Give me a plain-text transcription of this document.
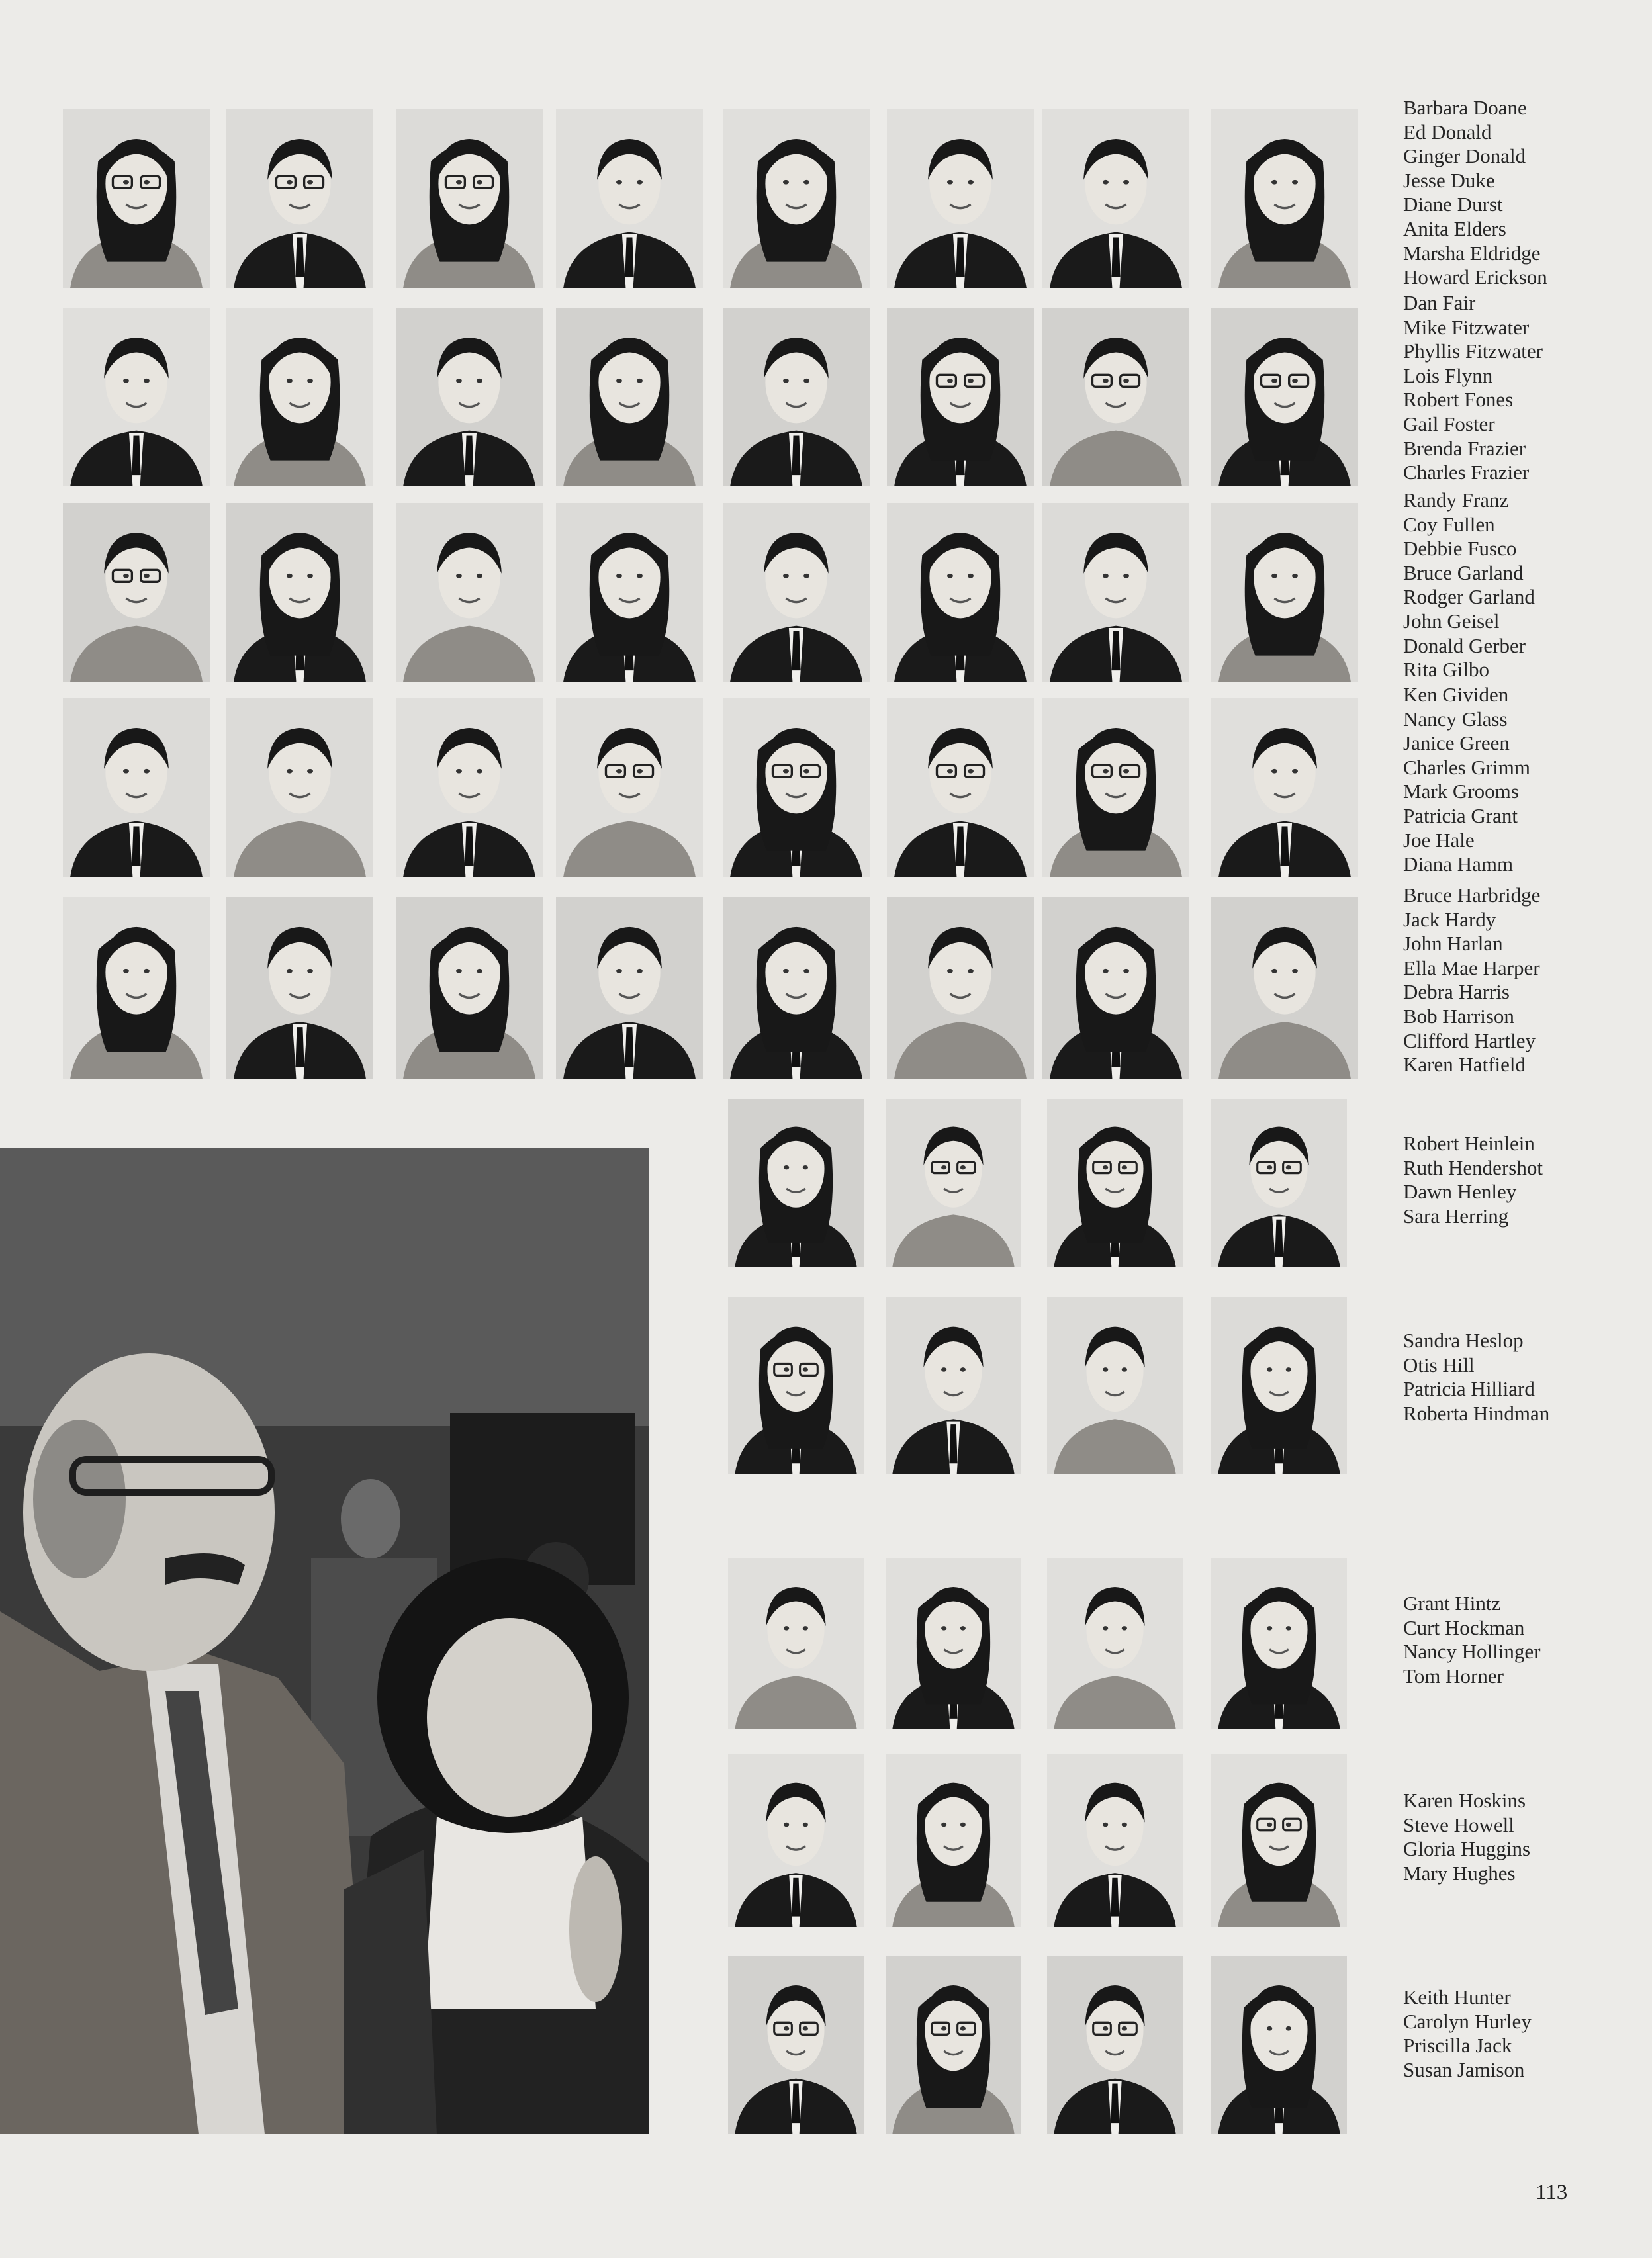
Barbara Doane
Ed Donald
Ginger Donald
Jesse Duke
Diane Durst
Anita Elders
Marsha Eldridge
Howard Erickson
Dan Fair
Mike Fitzwater
Phyllis Fitzwater
Lois Flynn
Robert Fones
Gail Foster
Brenda Frazier
Charles Frazier
Randy Franz
Coy Fullen
Debbie Fusco
Bruce Garland
Rodger Garland
John Geisel
Donald Gerber
Rita Gilbo
Ken Gividen
Nancy Glass
Janice Green
Charles Grimm
Mark Grooms
Patricia Grant
Joe Hale
Diana Hamm
Bruce Harbridge
Jack Hardy
John Harlan
Ella Mae Harper
Debra Harris
Bob Harrison
Clifford Hartley
Karen Hatfield
Robert Heinlein
Ruth Hendershot
Dawn Henley
Sara Herring
Sandra Heslop
Otis Hill
Patricia Hilliard
Roberta Hindman
Grant Hintz
Curt Hockman
Nancy Hollinger
Tom Horner
Karen Hoskins
Steve Howell
Gloria Huggins
Mary Hughes
Keith Hunter
Carolyn Hurley
Priscilla Jack
Susan Jamison
113
